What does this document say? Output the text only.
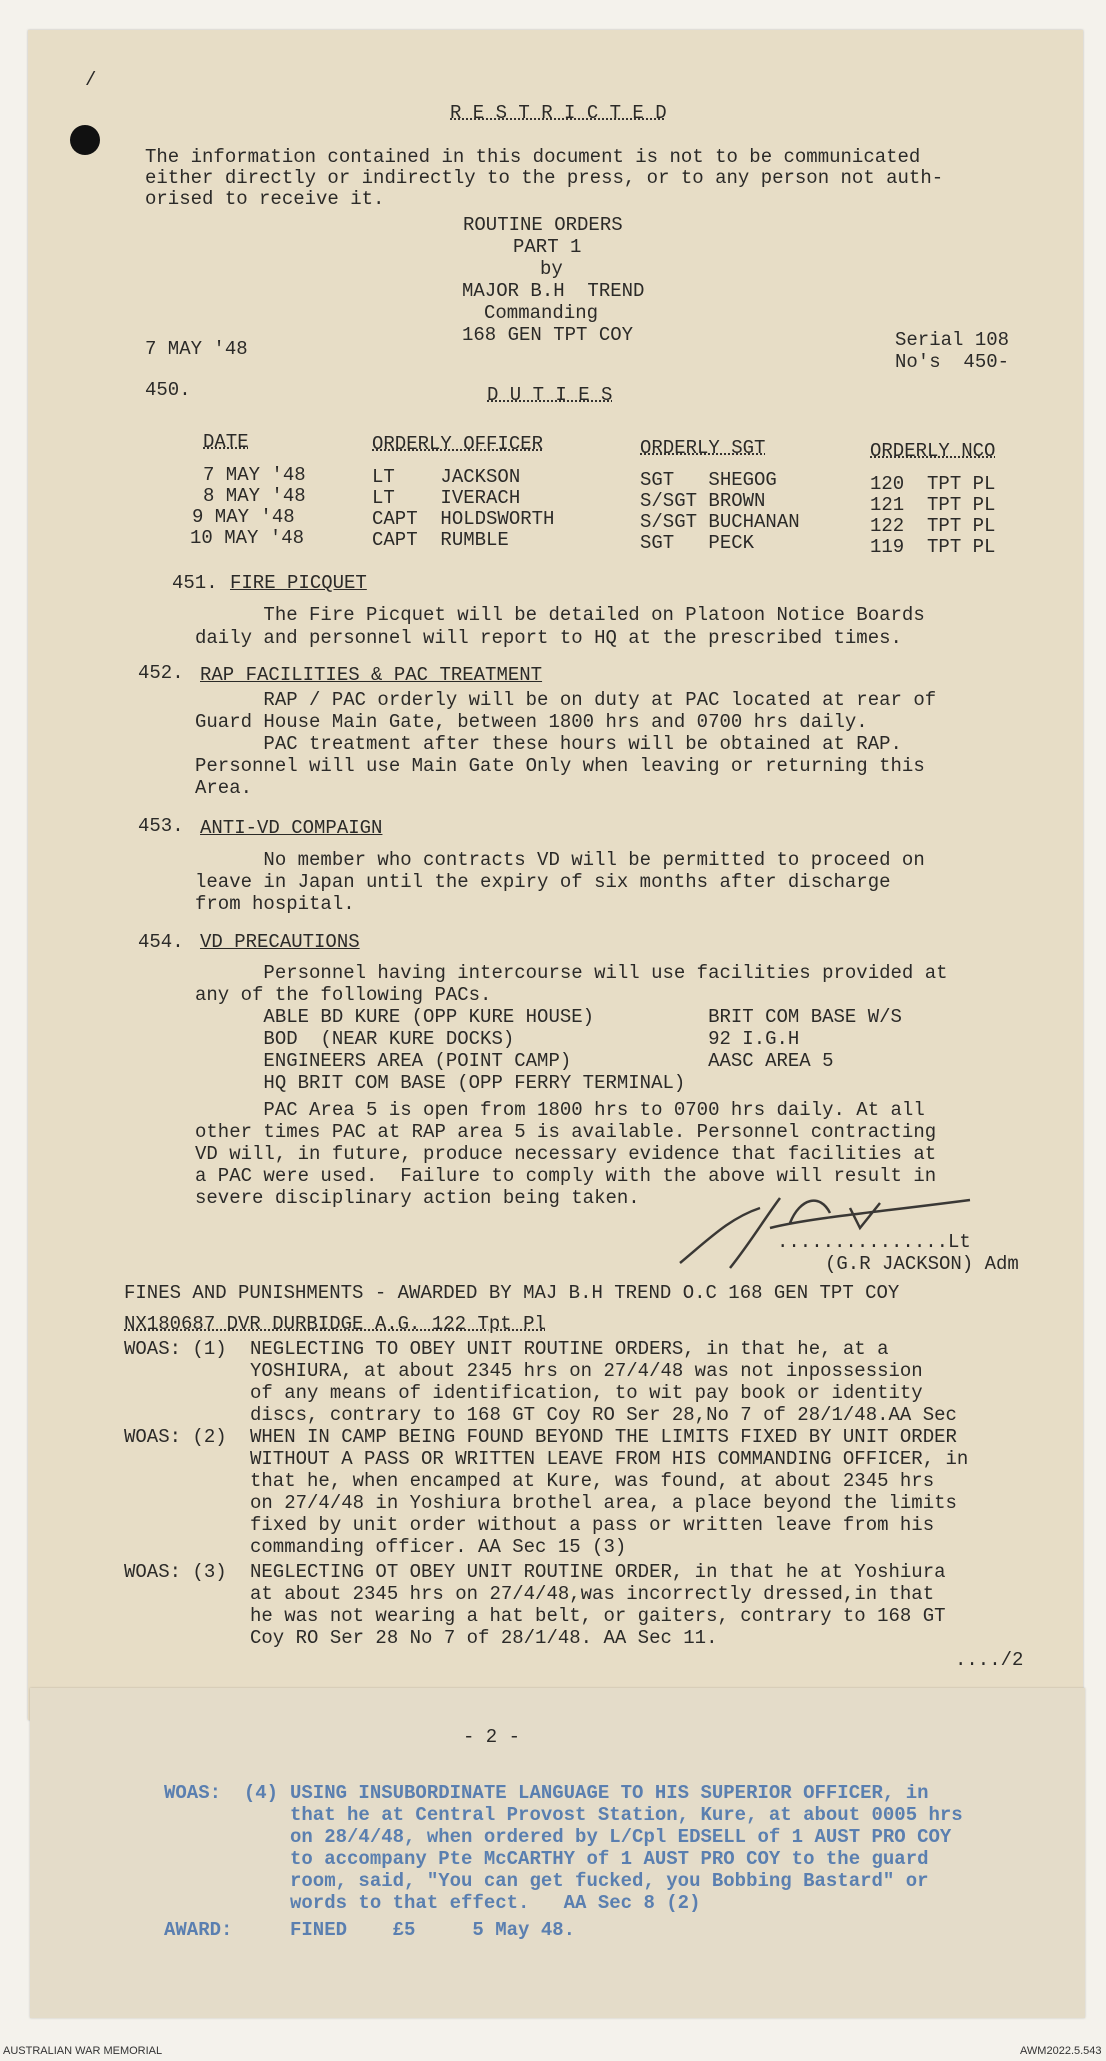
/
R E S T R I C T E D
The information contained in this document is not to be communicated
either directly or indirectly to the press, or to any person not auth-
orised to receive it.
ROUTINE ORDERS
PART 1
by
MAJOR B.H  TREND
Commanding
168 GEN TPT COY
7 MAY '48	Serial 108
No's  450-
450.	D U T I E S
DATE	ORDERLY OFFICER	ORDERLY SGT	ORDERLY NCO
7 MAY '48	LT    JACKSON	SGT   SHEGOG	120  TPT PL
8 MAY '48	LT    IVERACH	S/SGT BROWN	121  TPT PL
9 MAY '48	CAPT  HOLDSWORTH	S/SGT BUCHANAN	122  TPT PL
10 MAY '48	CAPT  RUMBLE	SGT   PECK	119  TPT PL
451. FIRE PICQUET
The Fire Picquet will be detailed on Platoon Notice Boards
daily and personnel will report to HQ at the prescribed times.
452. RAP FACILITIES & PAC TREATMENT
RAP / PAC orderly will be on duty at PAC located at rear of
Guard House Main Gate, between 1800 hrs and 0700 hrs daily.
PAC treatment after these hours will be obtained at RAP.
Personnel will use Main Gate Only when leaving or returning this
Area.
453. ANTI-VD COMPAIGN
No member who contracts VD will be permitted to proceed on
leave in Japan until the expiry of six months after discharge
from hospital.
454. VD PRECAUTIONS
Personnel having intercourse will use facilities provided at
any of the following PACs.
ABLE BD KURE (OPP KURE HOUSE)          BRIT COM BASE W/S
BOD  (NEAR KURE DOCKS)                 92 I.G.H
ENGINEERS AREA (POINT CAMP)            AASC AREA 5
HQ BRIT COM BASE (OPP FERRY TERMINAL)
PAC Area 5 is open from 1800 hrs to 0700 hrs daily. At all
other times PAC at RAP area 5 is available. Personnel contracting
VD will, in future, produce necessary evidence that facilities at
a PAC were used.  Failure to comply with the above will result in
severe disciplinary action being taken.
...............Lt
(G.R JACKSON) Adm
FINES AND PUNISHMENTS - AWARDED BY MAJ B.H TREND O.C 168 GEN TPT COY
NX180687 DVR DURBIDGE A.G. 122 Tpt Pl
WOAS: (1) NEGLECTING TO OBEY UNIT ROUTINE ORDERS, in that he, at a
YOSHIURA, at about 2345 hrs on 27/4/48 was not inpossession
of any means of identification, to wit pay book or identity
discs, contrary to 168 GT Coy RO Ser 28,No 7 of 28/1/48.AA Sec
WOAS: (2) WHEN IN CAMP BEING FOUND BEYOND THE LIMITS FIXED BY UNIT ORDER
WITHOUT A PASS OR WRITTEN LEAVE FROM HIS COMMANDING OFFICER, in
that he, when encamped at Kure, was found, at about 2345 hrs
on 27/4/48 in Yoshiura brothel area, a place beyond the limits
fixed by unit order without a pass or written leave from his
commanding officer. AA Sec 15 (3)
WOAS: (3) NEGLECTING OT OBEY UNIT ROUTINE ORDER, in that he at Yoshiura
at about 2345 hrs on 27/4/48,was incorrectly dressed,in that
he was not wearing a hat belt, or gaiters, contrary to 168 GT
Coy RO Ser 28 No 7 of 28/1/48. AA Sec 11.
..../2
- 2 -
WOAS:  (4) USING INSUBORDINATE LANGUAGE TO HIS SUPERIOR OFFICER, in
that he at Central Provost Station, Kure, at about 0005 hrs
on 28/4/48, when ordered by L/Cpl EDSELL of 1 AUST PRO COY
to accompany Pte McCARTHY of 1 AUST PRO COY to the guard
room, said, "You can get fucked, you Bobbing Bastard" or
words to that effect.   AA Sec 8 (2)
AWARD:	FINED    £5     5 May 48.
AUSTRALIAN WAR MEMORIAL	AWM2022.5.543
